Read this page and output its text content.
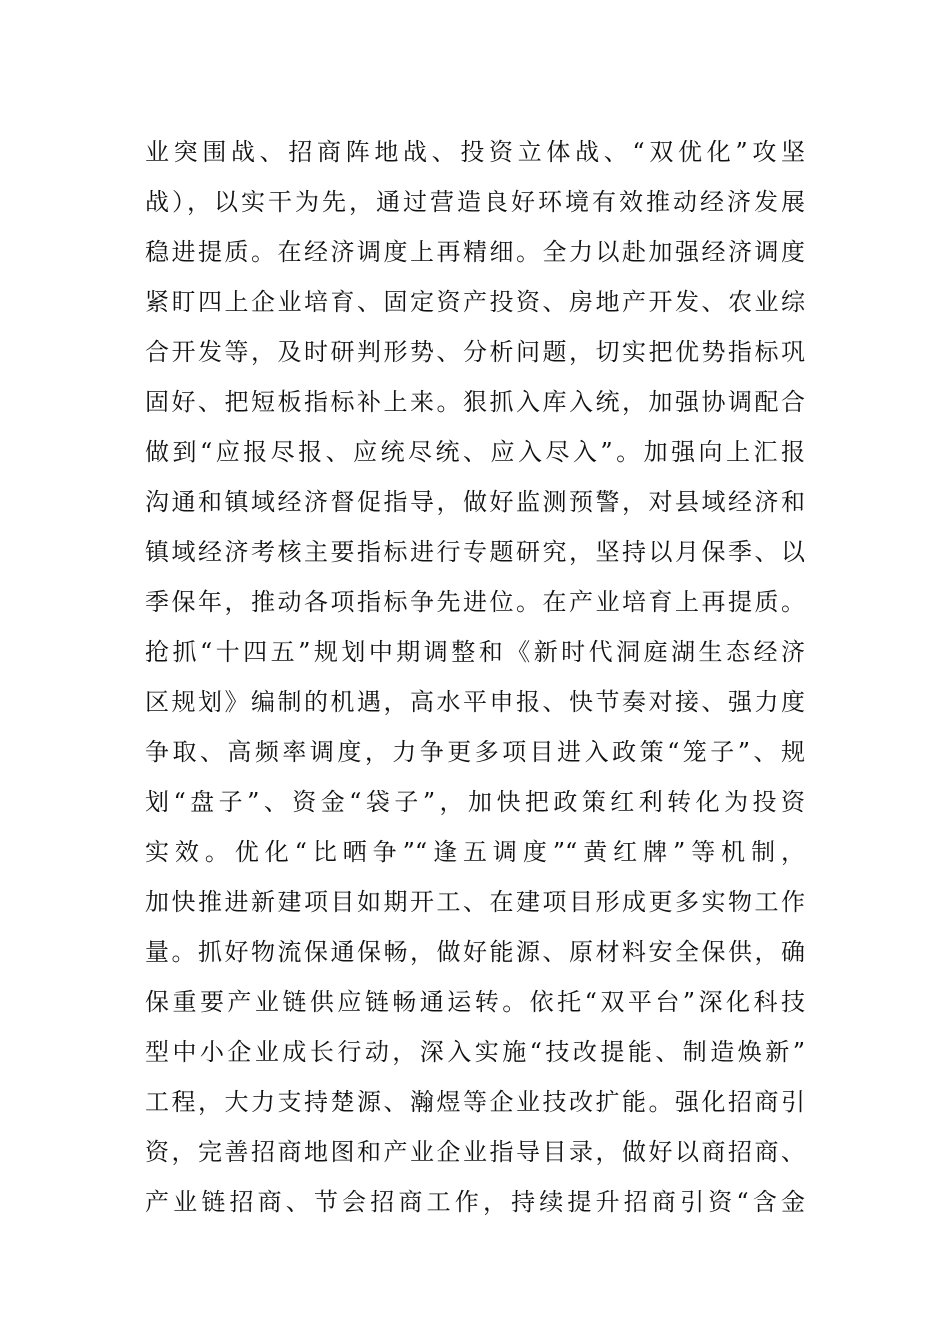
业突围战、招商阵地战、投资立体战、“双优化”攻坚
战），以实干为先，通过营造良好环境有效推动经济发展
稳进提质。在经济调度上再精细。全力以赴加强经济调度
紧盯四上企业培育、固定资产投资、房地产开发、农业综
合开发等，及时研判形势、分析问题，切实把优势指标巩
固好、把短板指标补上来。狠抓入库入统，加强协调配合
做到“应报尽报、应统尽统、应入尽入”。加强向上汇报
沟通和镇域经济督促指导，做好监测预警，对县域经济和
镇域经济考核主要指标进行专题研究，坚持以月保季、以
季保年，推动各项指标争先进位。在产业培育上再提质。
抢抓“十四五”规划中期调整和《新时代洞庭湖生态经济
区规划》编制的机遇，高水平申报、快节奏对接、强力度
争取、高频率调度，力争更多项目进入政策“笼子”、规
划“盘子”、资金“袋子”，加快把政策红利转化为投资
实效。优化“比晒争”“逢五调度”“黄红牌”等机制，
加快推进新建项目如期开工、在建项目形成更多实物工作
量。抓好物流保通保畅，做好能源、原材料安全保供，确
保重要产业链供应链畅通运转。依托“双平台”深化科技
型中小企业成长行动，深入实施“技改提能、制造焕新”
工程，大力支持楚源、瀚煜等企业技改扩能。强化招商引
资，完善招商地图和产业企业指导目录，做好以商招商、
产业链招商、节会招商工作，持续提升招商引资“含金
